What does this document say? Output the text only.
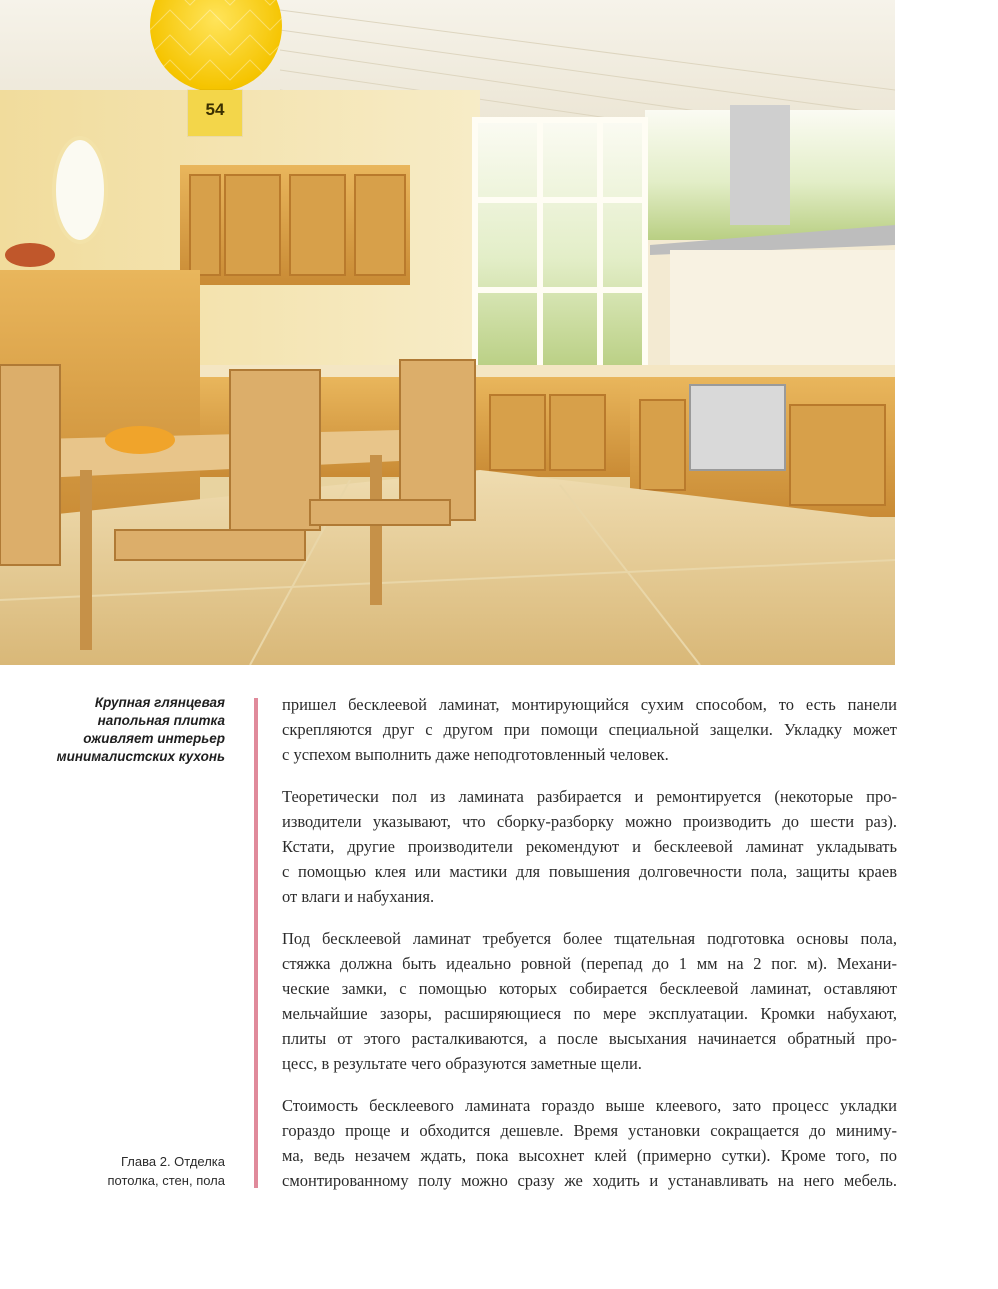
54
Крупная глянцевая
напольная плитка
оживляет интерьер
минималистских кухонь
Глава 2. Отделка
потолка, стен, пола

пришел бесклеевой ламинат, монтирующийся сухим способом, то есть панели
скрепляются друг с другом при помощи специальной защелки. Укладку может
с успехом выполнить даже неподготовленный человек.

Теоретически пол из ламината разбирается и ремонтируется (некоторые про-
изводители указывают, что сборку-разборку можно производить до шести раз).
Кстати, другие производители рекомендуют и бесклеевой ламинат укладывать
с помощью клея или мастики для повышения долговечности пола, защиты краев
от влаги и набухания.

Под бесклеевой ламинат требуется более тщательная подготовка основы пола,
стяжка должна быть идеально ровной (перепад до 1 мм на 2 пог. м). Механи-
ческие замки, с помощью которых собирается бесклеевой ламинат, оставляют
мельчайшие зазоры, расширяющиеся по мере эксплуатации. Кромки набухают,
плиты от этого расталкиваются, а после высыхания начинается обратный про-
цесс, в результате чего образуются заметные щели.

Стоимость бесклеевого ламината гораздо выше клеевого, зато процесс укладки
гораздо проще и обходится дешевле. Время установки сокращается до миниму-
ма, ведь незачем ждать, пока высохнет клей (примерно сутки). Кроме того, по
смонтированному полу можно сразу же ходить и устанавливать на него мебель.
